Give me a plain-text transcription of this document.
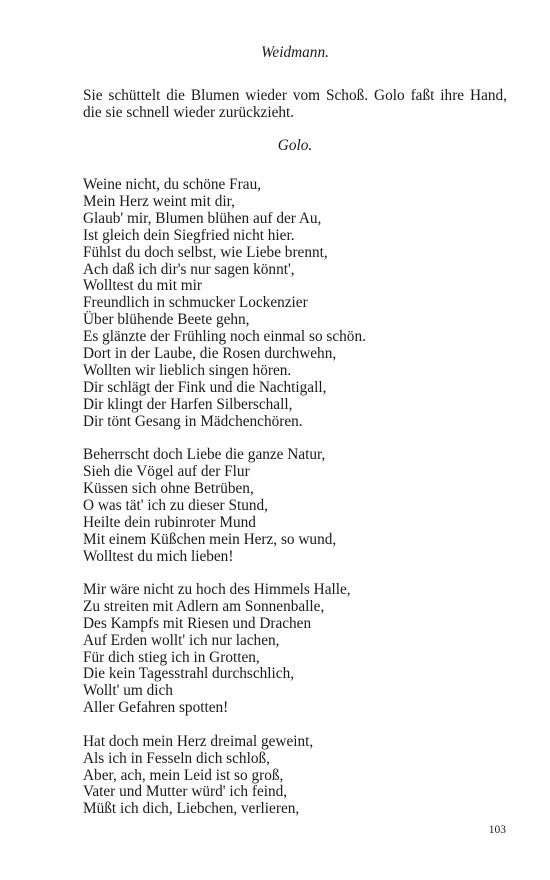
Weidmann.

Sie schüttelt die Blumen wieder vom Schoß. Golo faßt ihre Hand,
die sie schnell wieder zurückzieht.

Golo.

Weine nicht, du schöne Frau,
Mein Herz weint mit dir,
Glaub' mir, Blumen blühen auf der Au,
Ist gleich dein Siegfried nicht hier.
Fühlst du doch selbst, wie Liebe brennt,
Ach daß ich dir's nur sagen könnt',
Wolltest du mit mir
Freundlich in schmucker Lockenzier
Über blühende Beete gehn,
Es glänzte der Frühling noch einmal so schön.
Dort in der Laube, die Rosen durchwehn,
Wollten wir lieblich singen hören.
Dir schlägt der Fink und die Nachtigall,
Dir klingt der Harfen Silberschall,
Dir tönt Gesang in Mädchenchören.
Beherrscht doch Liebe die ganze Natur,
Sieh die Vögel auf der Flur
Küssen sich ohne Betrüben,
O was tät' ich zu dieser Stund,
Heilte dein rubinroter Mund
Mit einem Küßchen mein Herz, so wund,
Wolltest du mich lieben!
Mir wäre nicht zu hoch des Himmels Halle,
Zu streiten mit Adlern am Sonnenballe,
Des Kampfs mit Riesen und Drachen
Auf Erden wollt' ich nur lachen,
Für dich stieg ich in Grotten,
Die kein Tagesstrahl durchschlich,
Wollt' um dich
Aller Gefahren spotten!
Hat doch mein Herz dreimal geweint,
Als ich in Fesseln dich schloß,
Aber, ach, mein Leid ist so groß,
Vater und Mutter würd' ich feind,
Müßt ich dich, Liebchen, verlieren,
103
